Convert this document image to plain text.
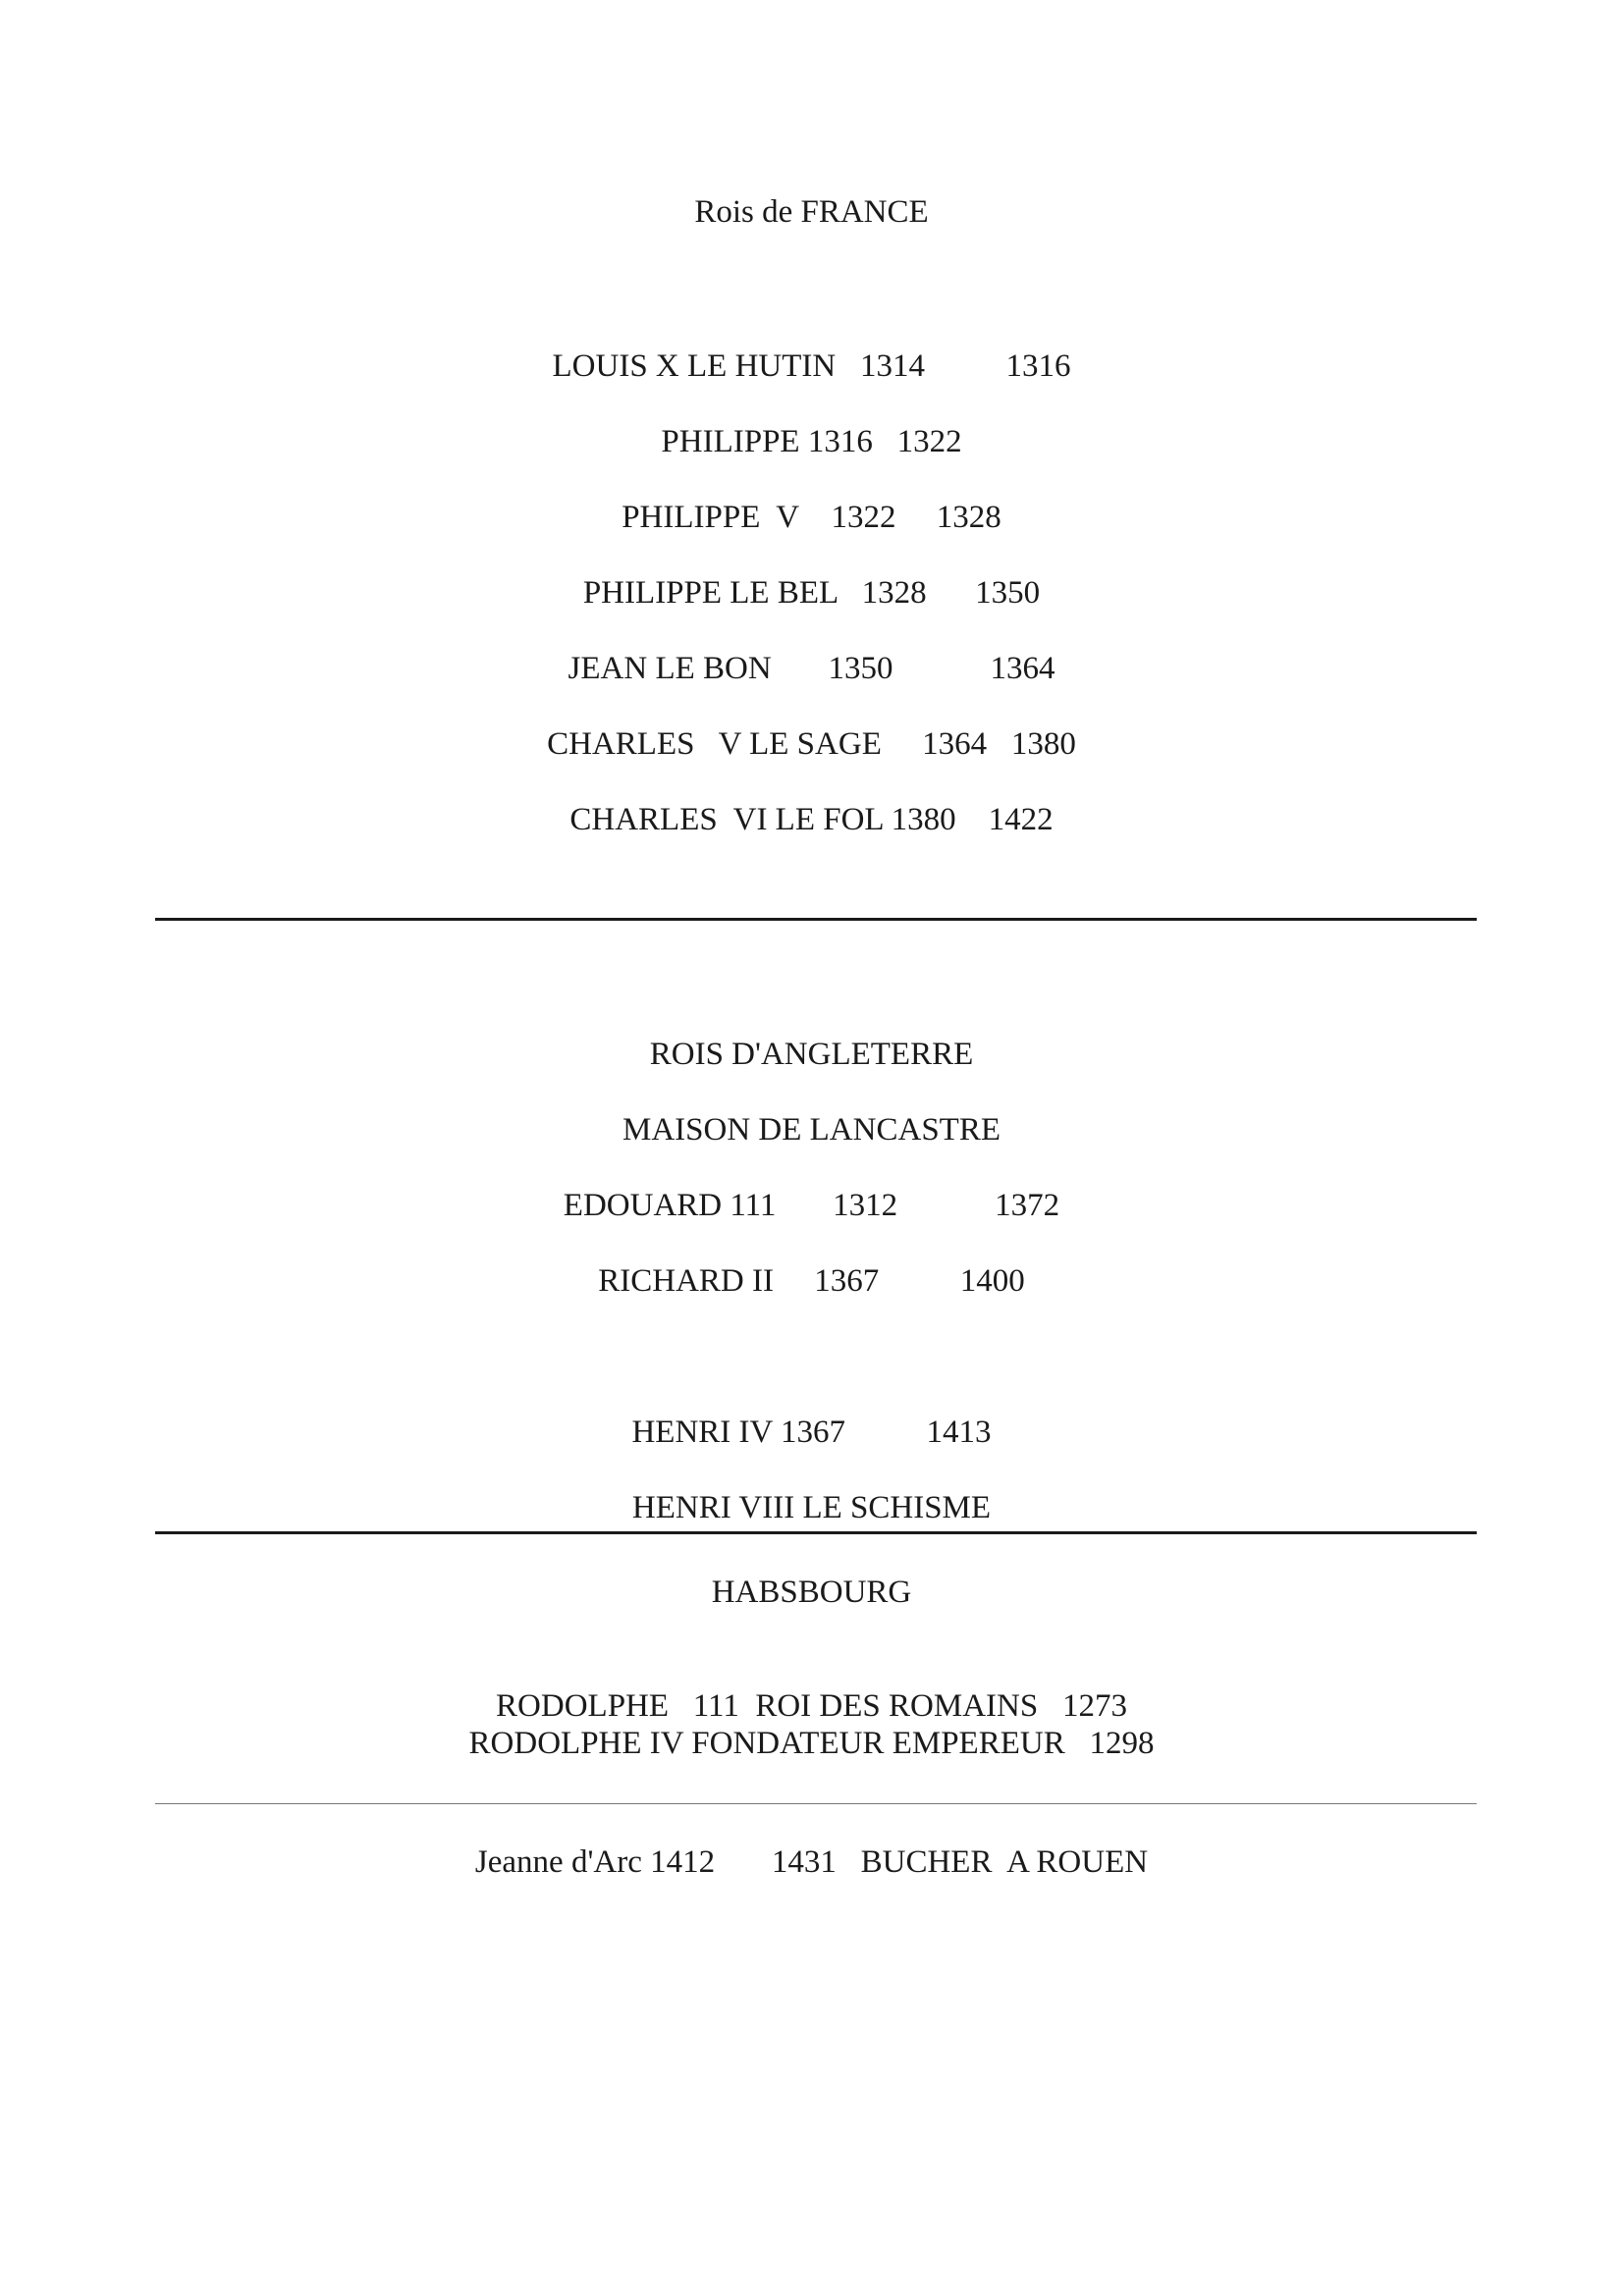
Rois de FRANCE
LOUIS X LE HUTIN   1314          1316
PHILIPPE 1316   1322
PHILIPPE  V    1322     1328
PHILIPPE LE BEL   1328      1350
JEAN LE BON       1350            1364
CHARLES   V LE SAGE     1364   1380
CHARLES  VI LE FOL 1380    1422
ROIS D'ANGLETERRE
MAISON DE LANCASTRE
EDOUARD 111       1312            1372
RICHARD II     1367          1400
HENRI IV 1367          1413
HENRI VIII LE SCHISME
HABSBOURG
RODOLPHE   111  ROI DES ROMAINS   1273
RODOLPHE IV FONDATEUR EMPEREUR   1298
Jeanne d'Arc 1412       1431   BUCHER  A ROUEN
